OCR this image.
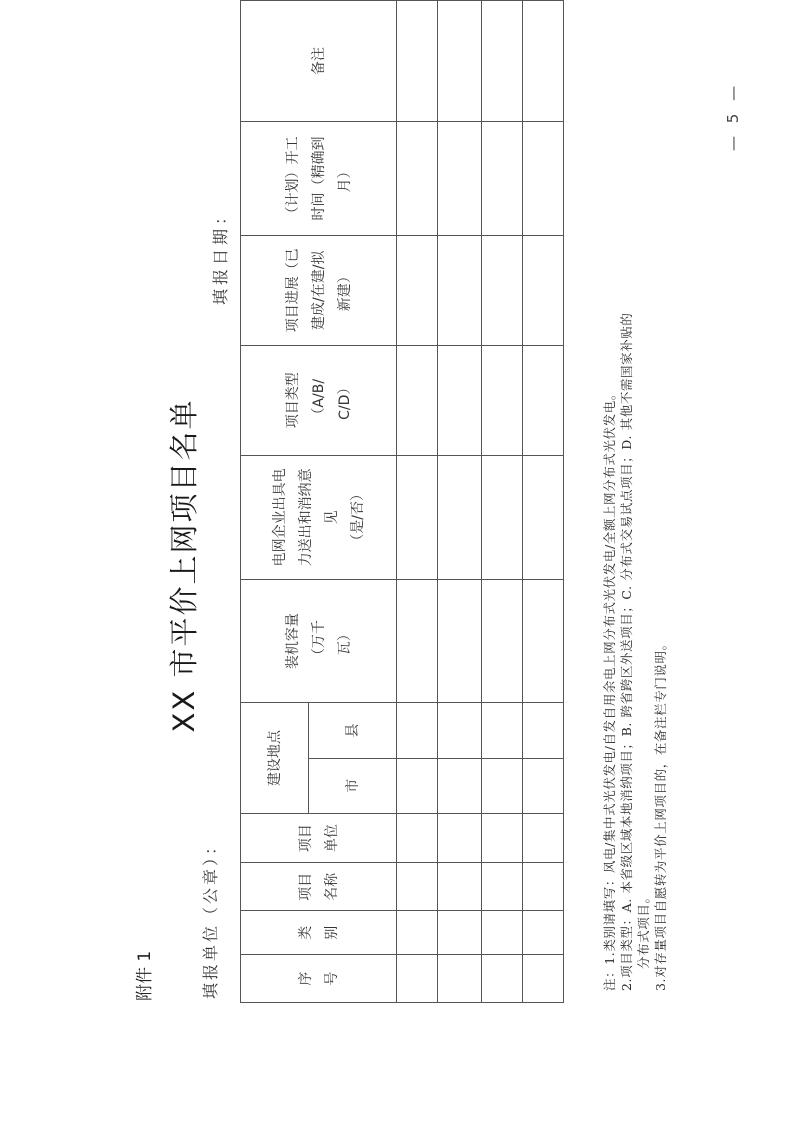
附件 1
XX 市平价上网项目名单
填报单位（公章）：
填报日期：
序 号	类 别	项目 名称	项目 单位	建设地点		装机容量 （万千 瓦）	电网企业出具电 力送出和消纳意 见 （是/否）	项目类型 （A/B/ C/D）	项目进展（已 建成/在建/拟 新建）	（计划）开工 时间（精确到 月）	备注

				市	县						

												注：1.类别请填写：风电/集中式光伏发电/自发自用余电上网分布式光伏发电/全额上网分布式光伏发电。 2.项目类型：A. 本省级区域本地消纳项目；B. 跨省跨区外送项目；C. 分布式交易试点项目；D. 其他不需国家补贴的 分布式项目。 3.对存量项目自愿转为平价上网项目的，在备注栏专门说明。
— 5 —
